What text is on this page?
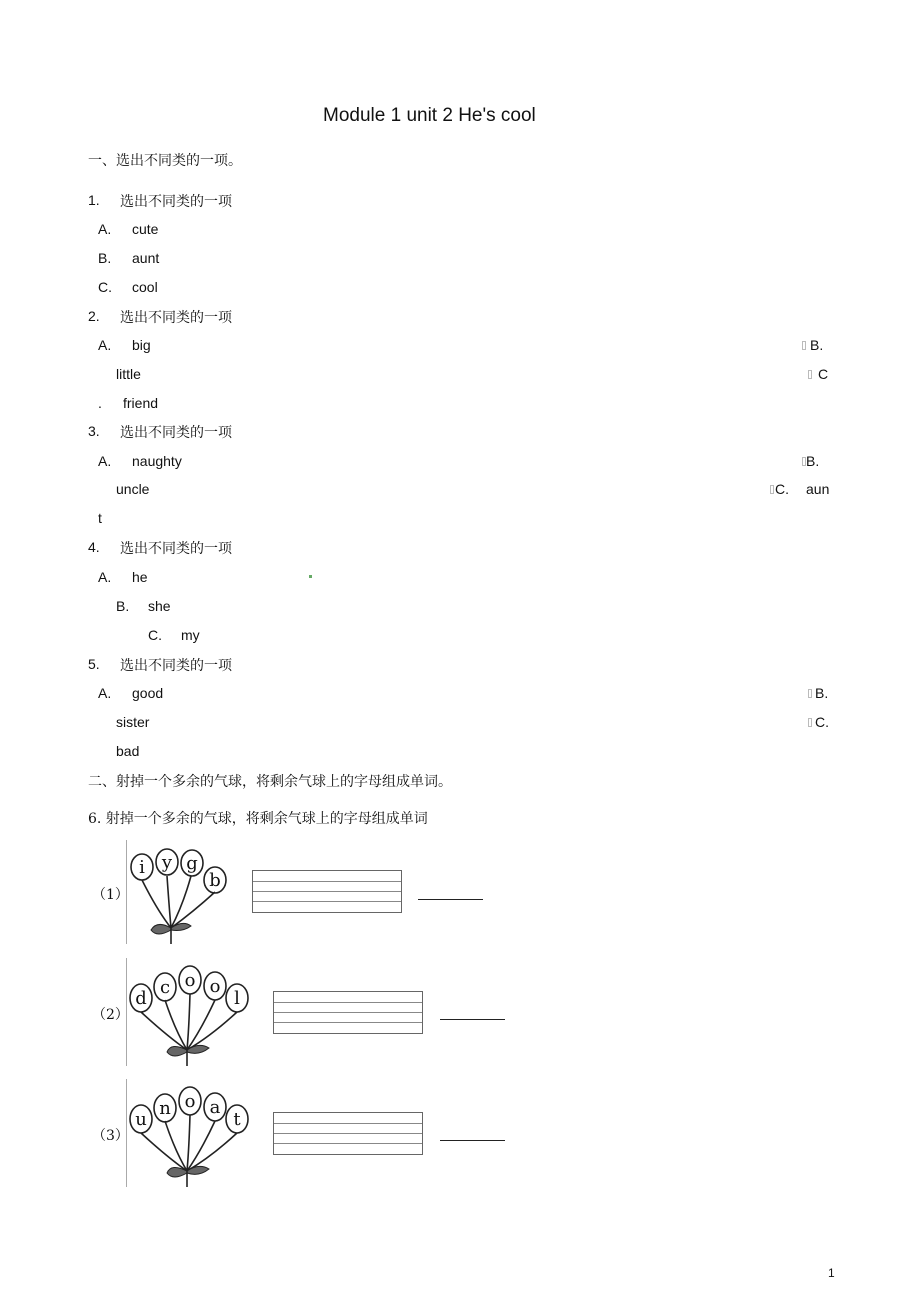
Module 1 unit 2 He's cool
一、选出不同类的一项。
1. 选出不同类的一项
A. cute
B. aunt
C. cool
2. 选出不同类的一项
A. big	B.
little	C
. friend
3. 选出不同类的一项
A. naughty	B.
uncle	C. aun
t
4. 选出不同类的一项
A. he
B. she
C. my
5. 选出不同类的一项
A. good	B.
sister	C.
bad
二、射掉一个多余的气球，将剩余气球上的字母组成单词。
6. 射掉一个多余的气球，将剩余气球上的字母组成单词
（1）
i y g
b
（2）
d
c o o
l
（3）
u
n o a
t
1
